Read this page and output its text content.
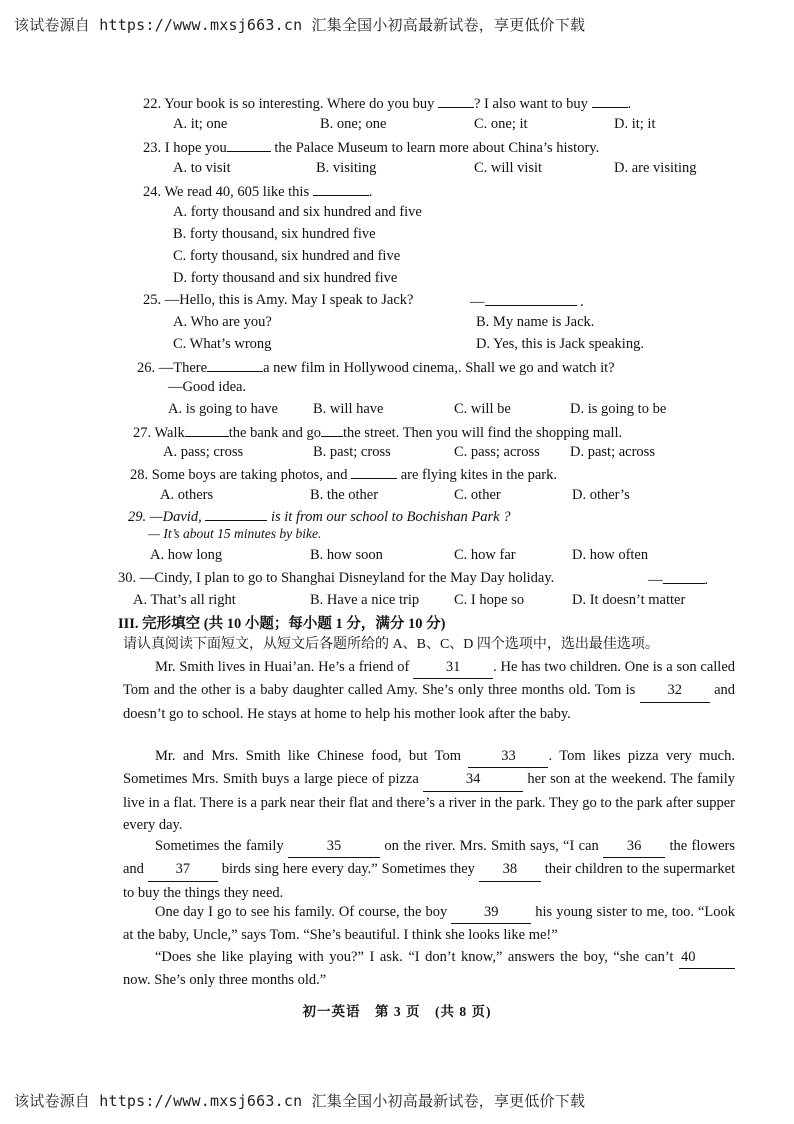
该试卷源自 https://www.mxsj663.cn 汇集全国小初高最新试卷，享更低价下载
22. Your book is so interesting. Where do you buy	? I also want to buy	.
A. it; one	B. one; one	C. one; it	D. it; it
23. I hope you	the Palace Museum to learn more about China’s history.
A. to visit	B. visiting	C. will visit	D. are visiting
24. We read 40, 605 like this	.
A. forty thousand and six hundred and five
B. forty thousand, six hundred five
C. forty thousand, six hundred and five
D. forty thousand and six hundred five
25. —Hello, this is Amy. May I speak to Jack?	—	.
A. Who are you?	B. My name is Jack.
C. What’s wrong	D. Yes, this is Jack speaking.
26. —There	a new film in Hollywood cinema,. Shall we go and watch it?
—Good idea.
A. is going to have B. will have	C. will be	D. is going to be
27. Walk	the bank and go the street. Then you will find the shopping mall.
A. pass; cross	B. past; cross	C. pass; across D. past; across
28. Some boys are taking photos, and	are flying kites in the park.
A. others	B. the other	C. other	D. other’s
29. —David,	is it from our school to Bochishan Park ?
— It’s about 15 minutes by bike.
A. how long	B. how soon	C. how far	D. how often
30. —Cindy, I plan to go to Shanghai Disneyland for the May Day holiday.	—	.
A. That’s all right	B. Have a nice trip C. I hope so	D. It doesn’t matter
III. 完形填空 (共 10 小题；每小题 1 分，满分 10 分)
请认真阅读下面短文，从短文后各题所给的 A、B、C、D 四个选项中，选出最佳选项。
Mr. Smith lives in Huai’an. He’s a friend of	31 . He has two children. One is a son called Tom and the other is a baby daughter called Amy. She’s only three months old. Tom is 32 and doesn’t go to school. He stays at home to help his mother look after the baby.
Mr. and Mrs. Smith like Chinese food, but Tom	33 . Tom likes pizza very much. Sometimes Mrs. Smith buys a large piece of pizza	34	her son at the weekend. The family live in a flat. There is a park near their flat and there’s a river in the park. They go to the park after supper every day.
Sometimes the family	35	on the river. Mrs. Smith says, “I can 36 the flowers and 37 birds sing here every day.” Sometimes they 38 their children to the supermarket to buy the things they need.
One day I go to see his family. Of course, the boy	39	his young sister to me, too. “Look at the baby, Uncle,” says Tom. “She’s beautiful. I think she looks like me!”
“Does she like playing with you?” I ask. “I don’t know,” answers the boy, “she can’t 40 now. She’s only three months old.”
初一英语　第 3 页　(共 8 页)
该试卷源自 https://www.mxsj663.cn 汇集全国小初高最新试卷，享更低价下载
